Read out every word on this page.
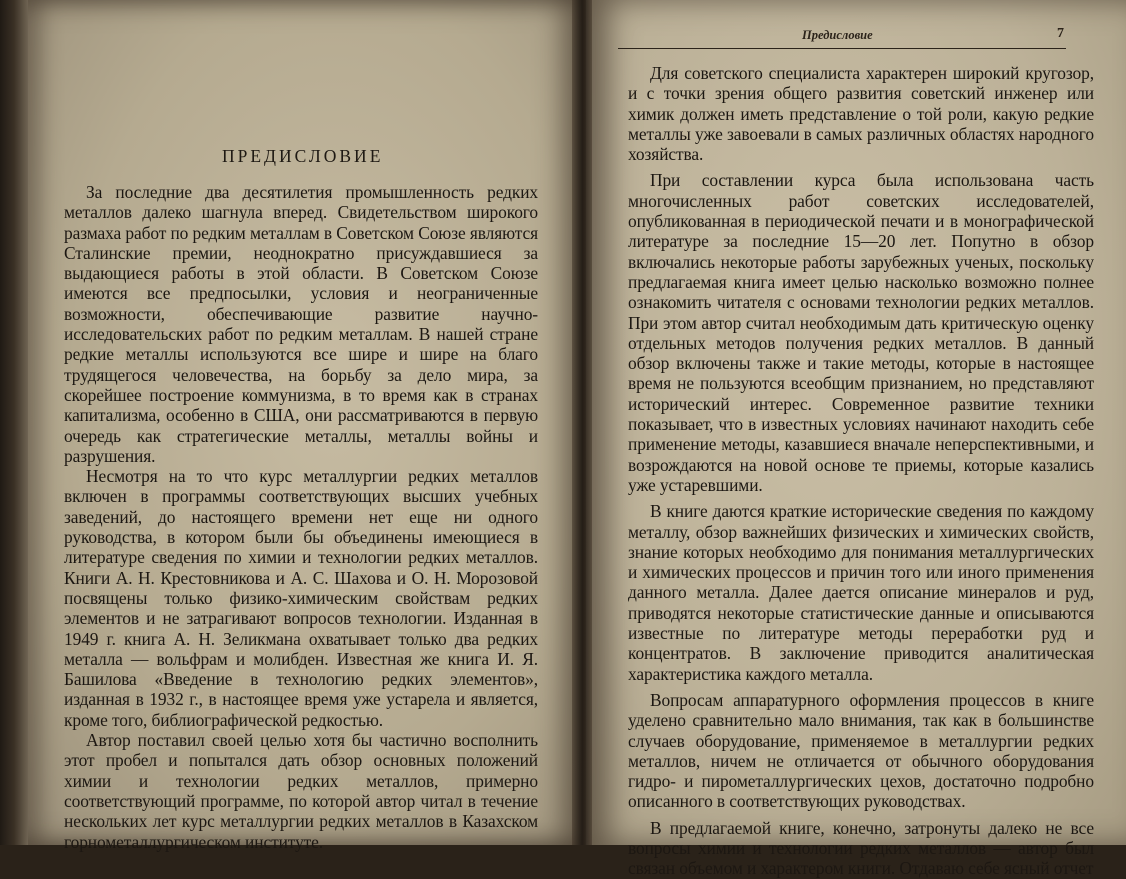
ПРЕДИСЛОВИЕ

За последние два десятилетия промышленность редких металлов далеко шагнула вперед. Свидетельством широкого размаха работ по редким металлам в Советском Союзе являются Сталинские премии, неоднократно присуждавшиеся за выдающиеся работы в этой области. В Советском Союзе имеются все предпосылки, условия и неограниченные возможности, обеспечивающие развитие научно-исследовательских работ по редким металлам. В нашей стране редкие металлы используются все шире и шире на благо трудящегося человечества, на борьбу за дело мира, за скорейшее построение коммунизма, в то время как в странах капитализма, особенно в США, они рассматриваются в первую очередь как стратегические металлы, металлы войны и разрушения.

Несмотря на то что курс металлургии редких металлов включен в программы соответствующих высших учебных заведений, до настоящего времени нет еще ни одного руководства, в котором были бы объединены имеющиеся в литературе сведения по химии и технологии редких металлов. Книги А. Н. Крестовникова и А. С. Шахова и О. Н. Морозовой посвящены только физико-химическим свойствам редких элементов и не затрагивают вопросов технологии. Изданная в 1949 г. книга А. Н. Зеликмана охватывает только два редких металла — вольфрам и молибден. Известная же книга И. Я. Башилова «Введение в технологию редких элементов», изданная в 1932 г., в настоящее время уже устарела и является, кроме того, библиографической редкостью.

Автор поставил своей целью хотя бы частично восполнить этот пробел и попытался дать обзор основных положений химии и технологии редких металлов, примерно соответствующий программе, по которой автор читал в течение нескольких лет курс металлургии редких металлов в Казахском горнометаллургическом институте.

Предисловие	7

Для советского специалиста характерен широкий кругозор, и с точки зрения общего развития советский инженер или химик должен иметь представление о той роли, какую редкие металлы уже завоевали в самых различных областях народного хозяйства.

При составлении курса была использована часть многочисленных работ советских исследователей, опубликованная в периодической печати и в монографической литературе за последние 15—20 лет. Попутно в обзор включались некоторые работы зарубежных ученых, поскольку предлагаемая книга имеет целью насколько возможно полнее ознакомить читателя с основами технологии редких металлов. При этом автор считал необходимым дать критическую оценку отдельных методов получения редких металлов. В данный обзор включены также и такие методы, которые в настоящее время не пользуются всеобщим признанием, но представляют исторический интерес. Современное развитие техники показывает, что в известных условиях начинают находить себе применение методы, казавшиеся вначале неперспективными, и возрождаются на новой основе те приемы, которые казались уже устаревшими.

В книге даются краткие исторические сведения по каждому металлу, обзор важнейших физических и химических свойств, знание которых необходимо для понимания металлургических и химических процессов и причин того или иного применения данного металла. Далее дается описание минералов и руд, приводятся некоторые статистические данные и описываются известные по литературе методы переработки руд и концентратов. В заключение приводится аналитическая характеристика каждого металла.

Вопросам аппаратурного оформления процессов в книге уделено сравнительно мало внимания, так как в большинстве случаев оборудование, применяемое в металлургии редких металлов, ничем не отличается от обычного оборудования гидро- и пирометаллургических цехов, достаточно подробно описанного в соответствующих руководствах.

В предлагаемой книге, конечно, затронуты далеко не все вопросы химии и технологии редких металлов — автор был связан объемом и характером книги. Отдаваю себе ясный отчет
